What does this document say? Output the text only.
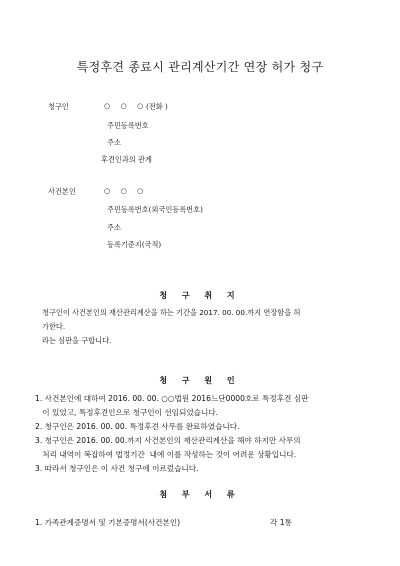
특정후견 종료시 관리계산기간 연장 허가 청구
청구인	○ ○ ○
(전화 )
주민등록번호
주소
후견인과의 관계
사건본인	○ ○ ○
주민등록번호(외국인등록번호)
주소
등록기준지(국적)
청 구 취 지
청구인이 사건본인의 재산관리계산을 하는 기간을 2017. 00. 00.까지 연장함을 허
가한다.
라는 심판을 구합니다.
청 구 원 인
1. 사건본인에 대하여 2016. 00. 00. ○○법원 2016느단0000호로 특정후견 심판
이 있었고, 특정후견인으로 청구인이 선임되었습니다.
2. 청구인은 2016. 00. 00. 특정후견 사무를 완료하였습니다.
3. 청구인은 2016. 00. 00.까지 사건본인의 재산관리계산을 해야 하지만 사무의
처리 내역이 복잡하여 법정기간  내에 이를 작성하는 것이 어려운 상황입니다.
3. 따라서 청구인은 이 사건 청구에 이르렀습니다.
첨 부 서 류
1. 가족관계증명서 및 기본증명서(사건본인)	각 1통
